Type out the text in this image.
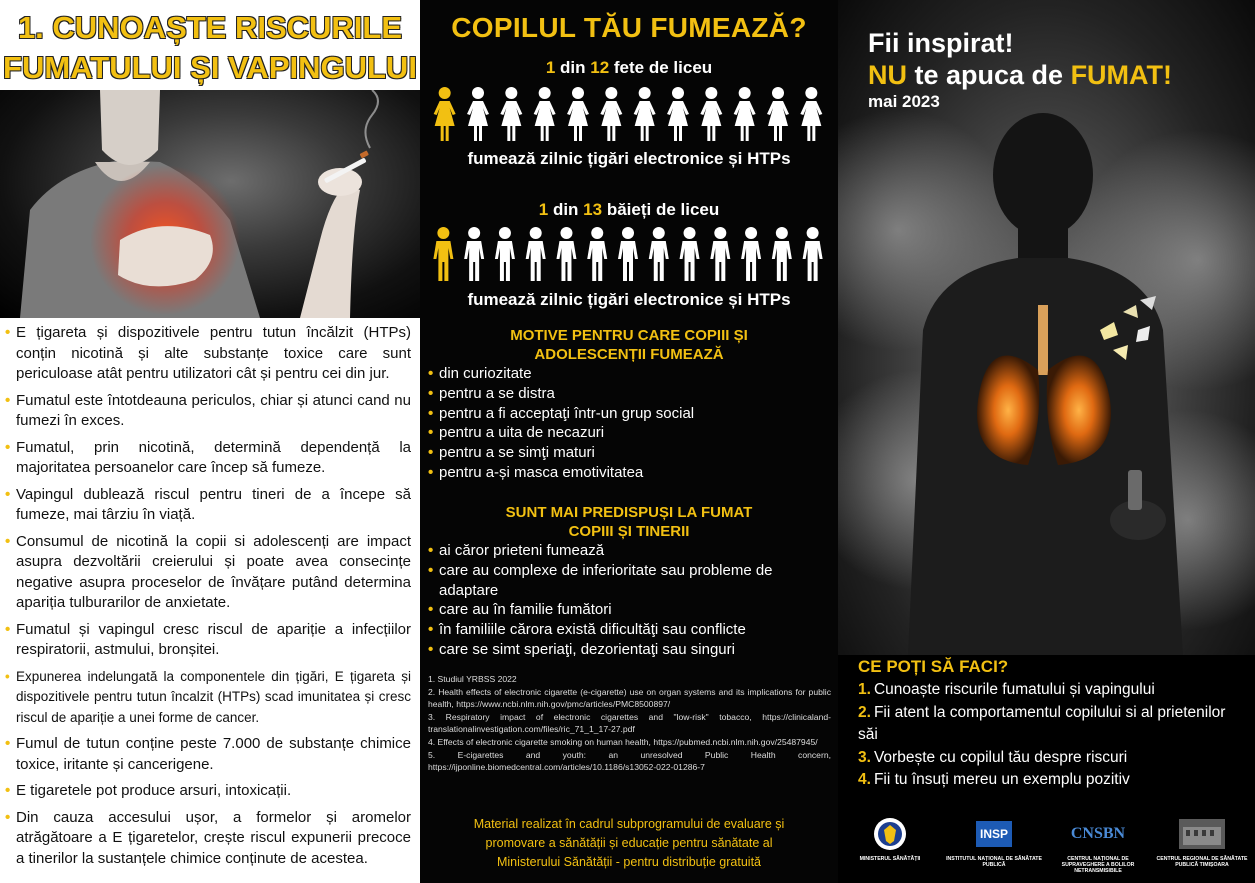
1. CUNOAȘTE RISCURILE
FUMATULUI ȘI VAPINGULUI
• E țigareta și dispozitivele pentru tutun încălzit (HTPs) conțin nicotină și alte substanțe toxice care sunt periculoase atât pentru utilizatori cât și pentru cei din jur.
• Fumatul este întotdeauna periculos, chiar și atunci cand nu fumezi în exces.
• Fumatul, prin nicotină, determină dependență la majoritatea persoanelor care încep să fumeze.
• Vapingul dublează riscul pentru tineri de a începe să fumeze, mai târziu în viață.
• Consumul de nicotină la copii si adolescenți are impact asupra dezvoltării creierului și poate avea consecințe negative asupra proceselor de învățare putând determina apariția tulburarilor de anxietate.
• Fumatul și vapingul cresc riscul de apariție a infecțiilor respiratorii, astmului, bronșitei.
• Expunerea indelungată la componentele din țigări, E țigareta și dispozitivele pentru tutun încalzit (HTPs) scad imunitatea și cresc riscul de apariție a unei forme de cancer.
• Fumul de tutun conține peste 7.000 de substanțe chimice toxice, iritante și cancerigene.
• E tigaretele pot produce arsuri, intoxicații.
• Din cauza accesului ușor, a formelor și aromelor atrăgătoare a E țigaretelor, crește riscul expunerii precoce a tinerilor la sustanțele chimice conținute de acestea.
COPILUL TĂU FUMEAZĂ?
1 din 12 fete de liceu
fumează zilnic țigări electronice și HTPs
1 din 13 băieți de liceu
fumează zilnic țigări electronice și HTPs
MOTIVE PENTRU CARE COPIII ȘI
ADOLESCENȚII FUMEAZĂ
• din curiozitate
• pentru a se distra
• pentru a fi acceptaţi într-un grup social
• pentru a uita de necazuri
• pentru a se simţi maturi
• pentru a-și masca emotivitatea
SUNT MAI PREDISPUȘI LA FUMAT
COPIII ȘI TINERII
• ai căror prieteni fumează
• care au complexe de inferioritate sau probleme de adaptare
• care au în familie fumători
• în familiile cărora există dificultăţi sau conflicte
• care se simt speriaţi, dezorientaţi sau singuri
1. Studiul YRBSS 2022
2. Health effects of electronic cigarette (e-cigarette) use on organ systems and its implications for public health, https://www.ncbi.nlm.nih.gov/pmc/articles/PMC8500897/
3. Respiratory impact of electronic cigarettes and "low-risk" tobacco, https://clinicaland-translationalinvestigation.com/files/ric_71_1_17-27.pdf
4. Effects of electronic cigarette smoking on human health, https://pubmed.ncbi.nlm.nih.gov/25487945/
5. E-cigarettes and youth: an unresolved Public Health concern, https://ijponline.biomedcentral.com/articles/10.1186/s13052-022-01286-7
Material realizat în cadrul subprogramului de evaluare și
promovare a sănătății și educație pentru sănătate al
Ministerului Sănătății - pentru distribuție gratuită
Fii inspirat!
NU te apuca de FUMAT!
mai 2023
CE POȚI SĂ FACI?
1. Cunoaște riscurile fumatului și vapingului
2. Fii atent la comportamentul copilului si al prietenilor săi
3. Vorbește cu copilul tău despre riscuri
4. Fii tu însuți mereu un exemplu pozitiv
MINISTERUL SĂNĂTĂȚII
INSP
INSTITUTUL NAȚIONAL DE SĂNĂTATE PUBLICĂ
CNSBN
CENTRUL NAȚIONAL DE SUPRAVEGHERE A BOLILOR NETRANSMISIBILE
CENTRUL REGIONAL DE SĂNĂTATE PUBLICĂ TIMIȘOARA
